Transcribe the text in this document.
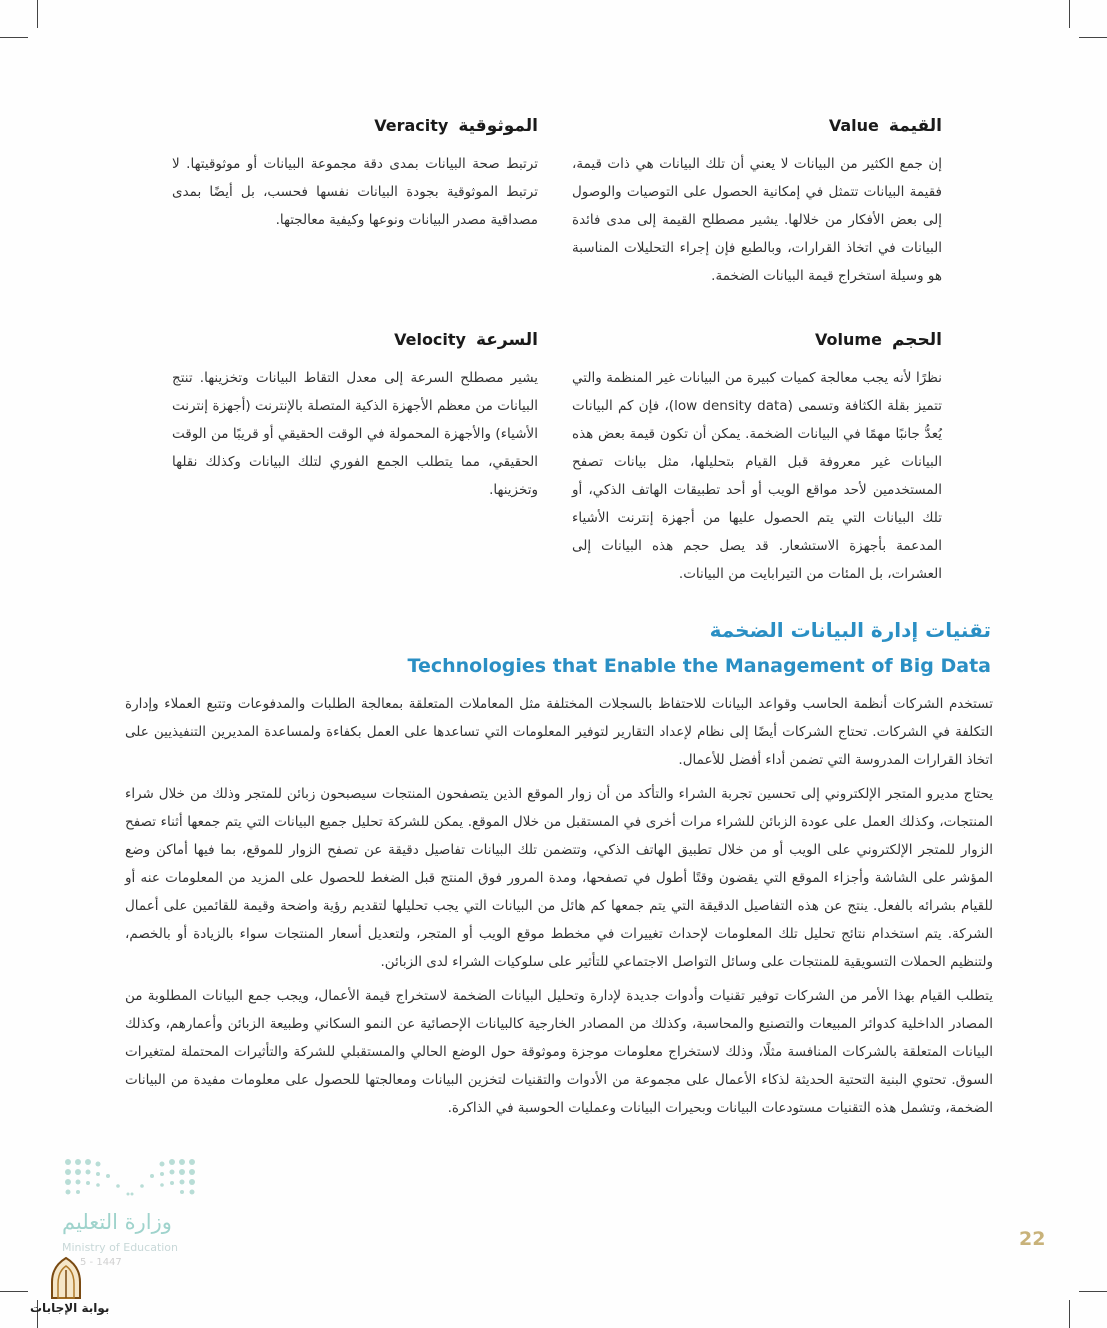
القيمة
Value

إن جمع الكثير من البيانات لا يعني أن تلك البيانات هي ذات قيمة، فقيمة البيانات تتمثل في إمكانية الحصول على التوصيات والوصول إلى بعض الأفكار من خلالها. يشير مصطلح القيمة إلى مدى فائدة البيانات في اتخاذ القرارات، وبالطبع فإن إجراء التحليلات المناسبة هو وسيلة استخراج قيمة البيانات الضخمة.

الموثوقية
Veracity

ترتبط صحة البيانات بمدى دقة مجموعة البيانات أو موثوقيتها. لا ترتبط الموثوقية بجودة البيانات نفسها فحسب، بل أيضًا بمدى مصداقية مصدر البيانات ونوعها وكيفية معالجتها.

الحجم
Volume

نظرًا لأنه يجب معالجة كميات كبيرة من البيانات غير المنظمة والتي تتميز بقلة الكثافة وتسمى (low density data)، فإن كم البيانات يُعدُّ جانبًا مهمًا في البيانات الضخمة. يمكن أن تكون قيمة بعض هذه البيانات غير معروفة قبل القيام بتحليلها، مثل بيانات تصفح المستخدمين لأحد مواقع الويب أو أحد تطبيقات الهاتف الذكي، أو تلك البيانات التي يتم الحصول عليها من أجهزة إنترنت الأشياء المدعمة بأجهزة الاستشعار. قد يصل حجم هذه البيانات إلى العشرات، بل المئات من التيرابايت من البيانات.

السرعة
Velocity

يشير مصطلح السرعة إلى معدل التقاط البيانات وتخزينها. تنتج البيانات من معظم الأجهزة الذكية المتصلة بالإنترنت (أجهزة إنترنت الأشياء) والأجهزة المحمولة في الوقت الحقيقي أو قريبًا من الوقت الحقيقي، مما يتطلب الجمع الفوري لتلك البيانات وكذلك نقلها وتخزينها.

تقنيات إدارة البيانات الضخمة
Technologies that Enable the Management of Big Data

تستخدم الشركات أنظمة الحاسب وقواعد البيانات للاحتفاظ بالسجلات المختلفة مثل المعاملات المتعلقة بمعالجة الطلبات والمدفوعات وتتبع العملاء وإدارة التكلفة في الشركات. تحتاج الشركات أيضًا إلى نظام لإعداد التقارير لتوفير المعلومات التي تساعدها على العمل بكفاءة ولمساعدة المديرين التنفيذيين على اتخاذ القرارات المدروسة التي تضمن أداء أفضل للأعمال.

يحتاج مديرو المتجر الإلكتروني إلى تحسين تجربة الشراء والتأكد من أن زوار الموقع الذين يتصفحون المنتجات سيصبحون زبائن للمتجر وذلك من خلال شراء المنتجات، وكذلك العمل على عودة الزبائن للشراء مرات أخرى في المستقبل من خلال الموقع. يمكن للشركة تحليل جميع البيانات التي يتم جمعها أثناء تصفح الزوار للمتجر الإلكتروني على الويب أو من خلال تطبيق الهاتف الذكي، وتتضمن تلك البيانات تفاصيل دقيقة عن تصفح الزوار للموقع، بما فيها أماكن وضع المؤشر على الشاشة وأجزاء الموقع التي يقضون وقتًا أطول في تصفحها، ومدة المرور فوق المنتج قبل الضغط للحصول على المزيد من المعلومات عنه أو للقيام بشرائه بالفعل. ينتج عن هذه التفاصيل الدقيقة التي يتم جمعها كم هائل من البيانات التي يجب تحليلها لتقديم رؤية واضحة وقيمة للقائمين على أعمال الشركة. يتم استخدام نتائج تحليل تلك المعلومات لإحداث تغييرات في مخطط موقع الويب أو المتجر، ولتعديل أسعار المنتجات سواء بالزيادة أو بالخصم، ولتنظيم الحملات التسويقية للمنتجات على وسائل التواصل الاجتماعي للتأثير على سلوكيات الشراء لدى الزبائن.

يتطلب القيام بهذا الأمر من الشركات توفير تقنيات وأدوات جديدة لإدارة وتحليل البيانات الضخمة لاستخراج قيمة الأعمال، ويجب جمع البيانات المطلوبة من المصادر الداخلية كدوائر المبيعات والتصنيع والمحاسبة، وكذلك من المصادر الخارجية كالبيانات الإحصائية عن النمو السكاني وطبيعة الزبائن وأعمارهم، وكذلك البيانات المتعلقة بالشركات المنافسة مثلًا، وذلك لاستخراج معلومات موجزة وموثوقة حول الوضع الحالي والمستقبلي للشركة والتأثيرات المحتملة لمتغيرات السوق. تحتوي البنية التحتية الحديثة لذكاء الأعمال على مجموعة من الأدوات والتقنيات لتخزين البيانات ومعالجتها للحصول على معلومات مفيدة من البيانات الضخمة، وتشمل هذه التقنيات مستودعات البيانات وبحيرات البيانات وعمليات الحوسبة في الذاكرة.

وزارة التعليم
Ministry of Education
5 - 1447
بوابة الإجابات
22
